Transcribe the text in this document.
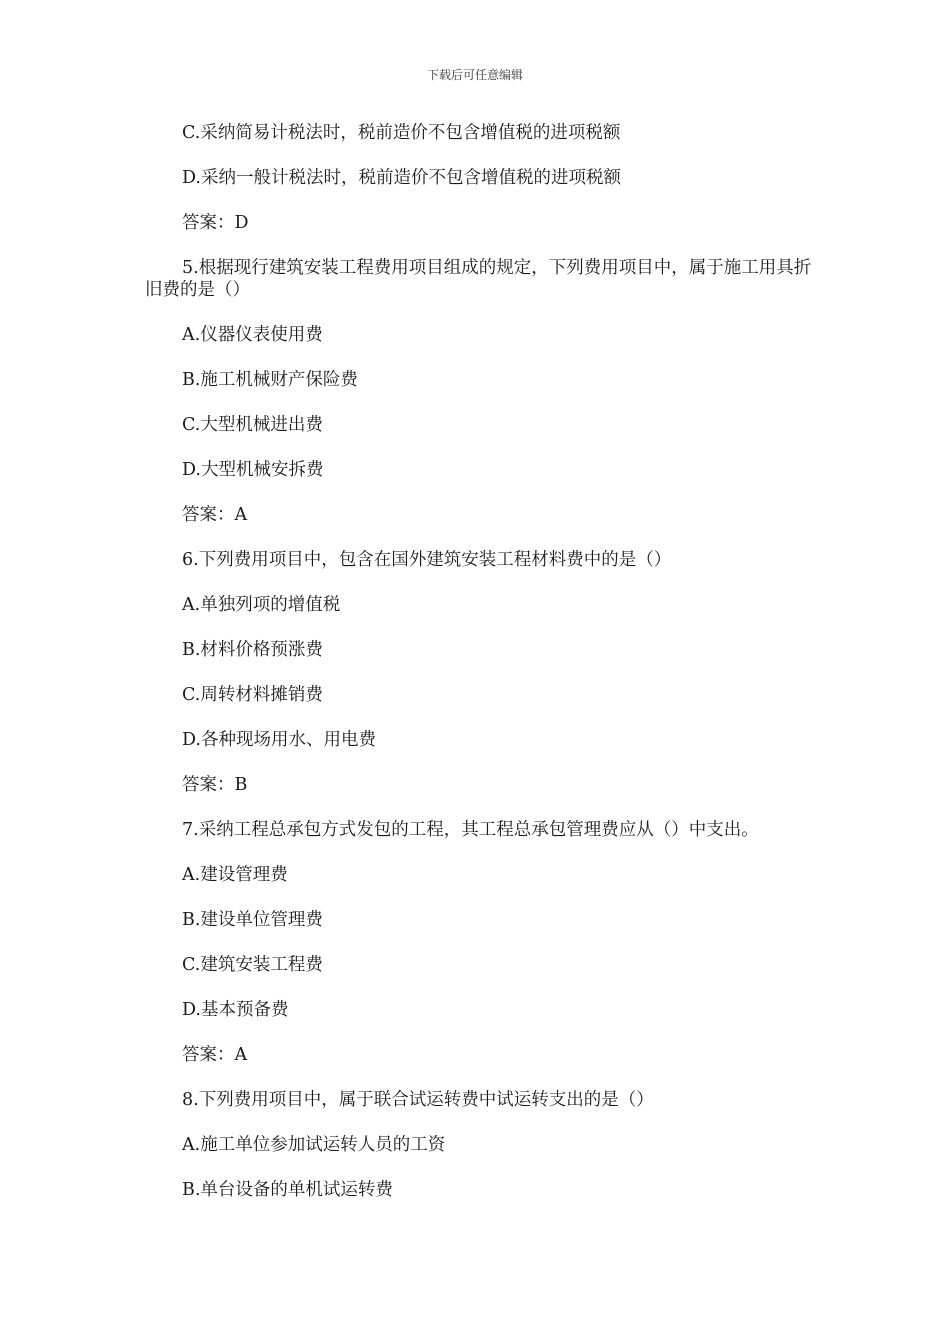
下载后可任意编辑
C.采纳简易计税法时，税前造价不包含增值税的进项税额
D.采纳一般计税法时，税前造价不包含增值税的进项税额
答案：D
5.根据现行建筑安装工程费用项目组成的规定，下列费用项目中，属于施工用具折旧费的是（）
A.仪器仪表使用费
B.施工机械财产保险费
C.大型机械进出费
D.大型机械安拆费
答案：A
6.下列费用项目中，包含在国外建筑安装工程材料费中的是（）
A.单独列项的增值税
B.材料价格预涨费
C.周转材料摊销费
D.各种现场用水、用电费
答案：B
7.采纳工程总承包方式发包的工程，其工程总承包管理费应从（）中支出。
A.建设管理费
B.建设单位管理费
C.建筑安装工程费
D.基本预备费
答案：A
8.下列费用项目中，属于联合试运转费中试运转支出的是（）
A.施工单位参加试运转人员的工资
B.单台设备的单机试运转费
